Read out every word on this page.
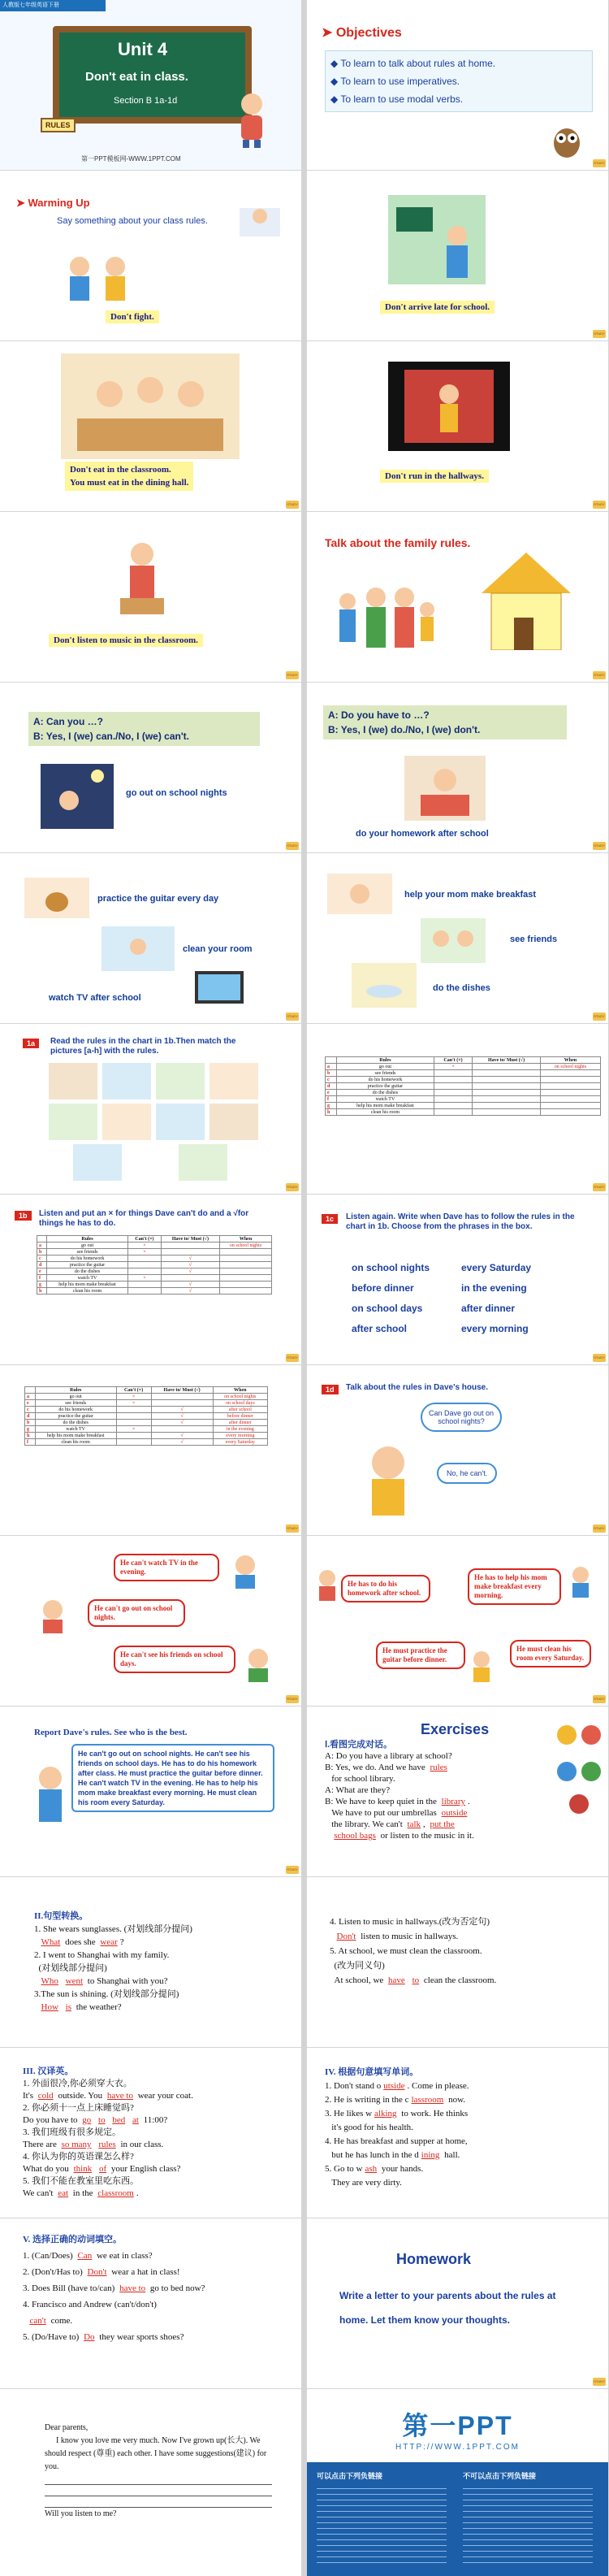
人教版七年级英语下册
Unit 4
Don't eat in class.
Section B 1a-1d
RULES
第一PPT模板网-WWW.1PPT.COM
➤ Objectives
◆ To learn to talk about rules at home.
◆ To learn to use imperatives.
◆ To learn to use modal verbs.
STUDY
➤ Warming Up
Say something about your class rules.
Don't fight.
Don't arrive late for school.
STUDY
Don't eat in the classroom.
You must eat in the dining hall.
STUDY
Don't run in the hallways.
STUDY
Don't listen to music in the classroom.
STUDY
Talk about the family rules.
STUDY
A: Can you …?
B: Yes, I (we) can./No, I (we) can't.
go out on school nights
STUDY
A: Do you have to …?
B: Yes, I (we) do./No, I (we) don't.
do your homework after school
STUDY
practice the guitar every day
clean your room
watch TV after school
STUDY
help your mom make breakfast
see friends
do the dishes
STUDY
1a	Read the rules in the chart in 1b.Then match the pictures [a-h] with the rules.
STUDY
	Rules	Can't (×)	Have to/ Must (√)	When
a	go out	×		on school nights
b	see friends			
c	do his homework			
d	practice the guitar			
e	do the dishes			
f	watch TV			
g	help his mom make breakfast			
h	clean his room			
STUDY
1b	Listen and put an × for things Dave can't do and a √for things he has to do.
	Rules	Can't (×)	Have to/ Must (√)	When
a	go out	×		on school nights
b	see friends	×		
c	do his homework		√	
d	practice the guitar		√	
e	do the dishes		√	
f	watch TV	×		
g	help his mom make breakfast		√	
h	clean his room		√	
STUDY
1c	Listen again. Write when Dave has to follow the rules in the chart in 1b. Choose from the phrases in the box.
on school nights	every Saturday
before dinner	in the evening
on school days	after dinner
after school	every morning
STUDY
	Rules	Can't (×)	Have to/ Must (√)	When
a	go out	×		on school nights
e	see friends	×		on school days
c	do his homework		√	after school
d	practice the guitar		√	before dinner
b	do the dishes		√	after dinner
g	watch TV	×		in the evening
h	help his mom make breakfast		√	every morning
f	clean his room		√	every Saturday
STUDY
1d	Talk about the rules in Dave's house.
Can Dave go out on school nights?
No, he can't.
STUDY
He can't watch TV in the evening.
He can't go out on school nights.
He can't see his friends on school days.
STUDY
He has to do his homework after school.
He has to help his mom make breakfast every morning.
He must practice the guitar before dinner.
He must clean his room every Saturday.
STUDY
Report Dave's rules. See who is the best.
He can't go out on school nights. He can't see his friends on school days. He has to do his homework after class. He must practice the guitar before dinner. He can't watch TV in the evening. He has to help his mom make breakfast every morning. He must clean his room every Saturday.
STUDY
Exercises
Ⅰ.看图完成对话。
A: Do you have a library at school?
B: Yes, we do. And we have rules
for school library.
A: What are they?
B: We have to keep quiet in the library .
We have to put our umbrellas outside
the library. We can't talk , put the
school bags or listen to the music in it.
II.句型转换。
1. She wears sunglasses. (对划线部分提问)
What does she wear ?
2. I went to Shanghai with my family.
(对划线部分提问)
Who went to Shanghai with you?
3.The sun is shining. (对划线部分提问)
How is the weather?
4. Listen to music in hallways.(改为否定句)
Don't listen to music in hallways.
5. At school, we must clean the classroom.
(改为同义句)
At school, we have to clean the classroom.
III. 汉译英。
1. 外面很冷,你必须穿大衣。
It's cold outside. You have to wear your coat.
2. 你必须十一点上床睡觉吗?
Do you have to go to bed at 11:00?
3. 我们班级有很多规定。
There are so many rules in our class.
4. 你认为你的英语课怎么样?
What do you think of your English class?
5. 我们不能在教室里吃东西。
We can't eat in the classroom .
IV. 根据句意填写单词。
1. Don't stand o utside . Come in please.
2. He is writing in the c lassroom now.
3. He likes w alking to work. He thinks
it's good for his health.
4. He has breakfast and supper at home,
but he has lunch in the d ining hall.
5. Go to w ash your hands.
They are very dirty.
V. 选择正确的动词填空。
1. (Can/Does) Can we eat in class?
2. (Don't/Has to) Don't wear a hat in class!
3. Does Bill (have to/can) have to go to bed now?
4. Francisco and Andrew (can't/don't)
can't come.
5. (Do/Have to) Do they wear sports shoes?
Homework
Write a letter to your parents about the rules at home. Let them know your thoughts.
STUDY
Dear parents,
I know you love me very much. Now I've grown up(长大). We should respect (尊重) each other. I have some suggestions(建议) for you.
Will you listen to me?
第一PPT
HTTP://WWW.1PPT.COM
可以点击下列负链接	不可以点击下列负链接
